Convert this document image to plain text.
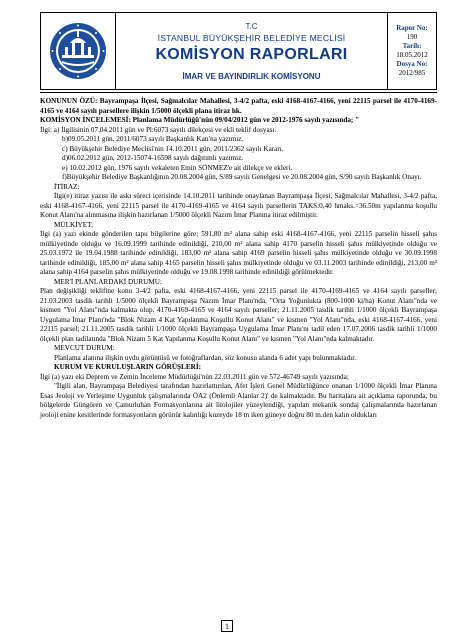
T.C
İSTANBUL BÜYÜKŞEHİR BELEDİYE MECLİSİ
KOMİSYON RAPORLARI
İMAR VE BAYINDIRLIK KOMİSYONU
Rapor No:
190
Tarih:
18.05.2012
Dosya No:
2012/985

KONUNUN ÖZÜ: Bayrampaşa İlçesi, Sağmalcılar Mahallesi, 3-4/2 pafta, eski 4168-4167-4166, yeni 22115 parsel ile 4170-4169-4165 ve 4164 sayılı parsellere ilişkin 1/5000 ölçekli plana itiraz hk.

KOMİSYON İNCELEMESİ: Planlama Müdürlüğü'nün 09/04/2012 gün ve 2012-1976 sayılı yazısında; "

İlgi: a) İlgilisinin 07.04.2011 gün ve Pl:6073 sayılı dilekçesi ve ekli teklif dosyası.

b)09.05.2011 gün, 2011/6073 sayılı Başkanlık Katı'na yazımız.
c) Büyükşehir Belediye Meclisi'nin 14.10.2011 gün, 2011/2362 sayılı Kararı.
d)06.02.2012 gün, 2012-15074-16598 sayılı dağıtımlı yazımız.
e) 10.02.2012 gün, 1976 sayılı vekaleten Emin SÖNMEZ'e ait dilekçe ve ekleri.
f)Büyükşehir Belediye Başkanlığının 20.08.2004 gün, S/89 sayılı Genelgesi ve 20.08.2004 gün, S/90 sayılı Başkanlık Onayı.

İTİRAZ:

İlgi(e) itiraz yazısı ile askı süreci içerisinde 14.10.2011 tarihinde onaylanan Bayrampaşa İlçesi, Sağmalcılar Mahallesi, 3-4/2 pafta, eski 4168-4167-4166, yeni 22115 parsel ile 4170-4169-4165 ve 4164 sayılı parsellerin TAKS:0,40 hmaks.=36.50m yapılanma koşullu Konut Alanı'na alınmasına ilişkin hazırlanan 1/5000 ölçekli Nazım İmar Planına itiraz edilmiştir.

MÜLKİYET:

İlgi (a) yazı ekinde gönderilen tapu bilgilerine göre; 591,80 m² alana sahip eski 4168-4167-4166, yeni 22115 parselin hisseli şahıs mülkiyetinde olduğu ve 16.09.1999 tarihinde edinildiği, 210,00 m² alana sahip 4170 parselin hisseli şahıs mülkiyetinde olduğu ve 25.03.1972 ile 19.04.1988 tarihinde edinildiği, 183,00 m² alana sahip 4169 parselin hisseli şahıs mülkiyetinde olduğu ve 30.09.1998 tarihinde edinildiği, 185,00 m² alana sahip 4165 parselin hisseli şahıs mülkiyetinde olduğu ve 03.11.2003 tarihinde edinildiği, 213,00 m² alana sahip 4164 parselin şahıs mülkiyetinde olduğu ve 19.08.1998 tarihinde edinildiği görülmektedir.

MER'İ PLANLARDAKİ DURUMU:

Plan değişikliği teklifine konu 3-4/2 pafta, eski 4168-4167-4166, yeni 22115 parsel ile 4170-4169-4165 ve 4164 sayılı parseller; 21.03.2003 tasdik tarihli 1/5000 ölçekli Bayrampaşa Nazım İmar Planı'nda, "Orta Yoğunlukta (800-1000 ki/ha) Konut Alanı"nda ve kısmen "Yol Alanı"nda kalmakta olup, 4170-4169-4165 ve 4164 sayılı parseller; 21.11.2005 tasdik tarihli 1/1000 ölçekli Bayrampaşa Uygulama İmar Planı'nda "Blok Nizam 4 Kat Yapılanma Koşullu Konut Alanı" ve kısmen "Yol Alanı"nda, eski 4168-4167-4166, yeni 22115 parsel; 21.11.2005 tasdik tarihli 1/1000 ölçekli Bayrampaşa Uygulama İmar Planı'nı tadil eden 17.07.2006 tasdik tarihli 1/1000 ölçekli plan tadilatında "Blok Nizam 5 Kat Yapılanma Koşullu Konut Alanı" ve kısmen "Yol Alanı"nda kalmaktadır.

MEVCUT DURUM:

Planlama alanına ilişkin uydu görüntüsü ve fotoğraflardan, söz konusu alanda 6 adet yapı bulunmaktadır.

KURUM VE KURULUŞLARIN GÖRÜŞLERİ:

İlgi (a) yazı eki Deprem ve Zemin İnceleme Müdürlüğü'nün 22.03.2011 gün ve 572-46749 sayılı yazısında;

"İlgili alan, Bayrampaşa Belediyesi tarafından hazırlattırılan, Afet İşleri Genel Müdürlüğünce onanan 1/1000 ölçekli İmar Planına Esas Jeoloji ve Yerleşime Uygunluk çalışmalarında ÖA2 (Önlemli Alanlar 2)' de kalmaktadır. Bu haritalara ait açıklama raporunda, bu bölgelerde Güngören ve Çamurluhan Formasyonlarına ait litolojiler yüzeylendiği, yapılan mekanik sondaj çalışmalarında hazırlanan jeoloji enine kesitlerinde formasyonların görünür kalınlığı kuzeyde 18 m iken güneye doğru 80 m.den kalın oldukları

1
